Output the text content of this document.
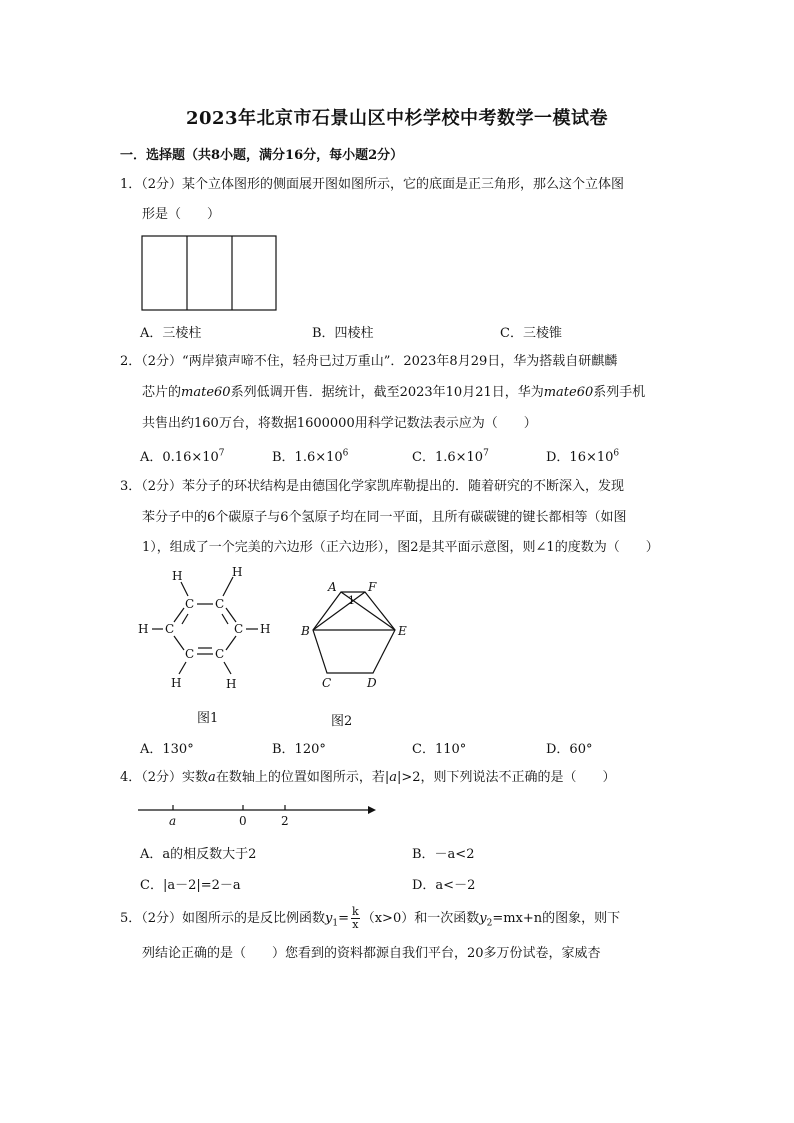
2023年北京市石景山区中杉学校中考数学一模试卷
一．选择题（共8小题，满分16分，每小题2分）
1．（2分）某个立体图形的侧面展开图如图所示，它的底面是正三角形，那么这个立体图
形是（　　）
A．三棱柱	B．四棱柱	C．三棱锥
2．（2分）“两岸猿声啼不住，轻舟已过万重山”．2023年8月29日，华为搭载自研麒麟
芯片的mate60系列低调开售．据统计，截至2023年10月21日，华为mate60系列手机
共售出约160万台，将数据1600000用科学记数法表示应为（　　）
A．$0.16\times 10^7$	B．$1.6\times 10^6$	C．$1.6\times 10^7$	D．$16\times 10^6$
3．（2分）苯分子的环状结构是由德国化学家凯库勒提出的．随着研究的不断深入，发现
苯分子中的6个碳原子与6个氢原子均在同一平面，且所有碳碳键的键长都相等（如图
1），组成了一个完美的六边形（正六边形），图2是其平面示意图，则∠1的度数为（　　）
H	H
C C
H C	C H
C C
H	H
图1
A	F
B	E
C	D
1
图2
A．130°	B．120°	C．110°	D．60°
4．（2分）实数a在数轴上的位置如图所示，若|a|>2，则下列说法不正确的是（　　）
a	0	2
A．a的相反数大于2	B．－a<2
C．|a－2|=2－a	D．a<－2
5．（2分）如图所示的是反比例函数$y_1= \frac{k}{x} (x>0)$和一次函数$y_2=mx+n$的图象，则下
列结论正确的是（　　）您看到的资料都源自我们平台，20多万份试卷，家威杏
